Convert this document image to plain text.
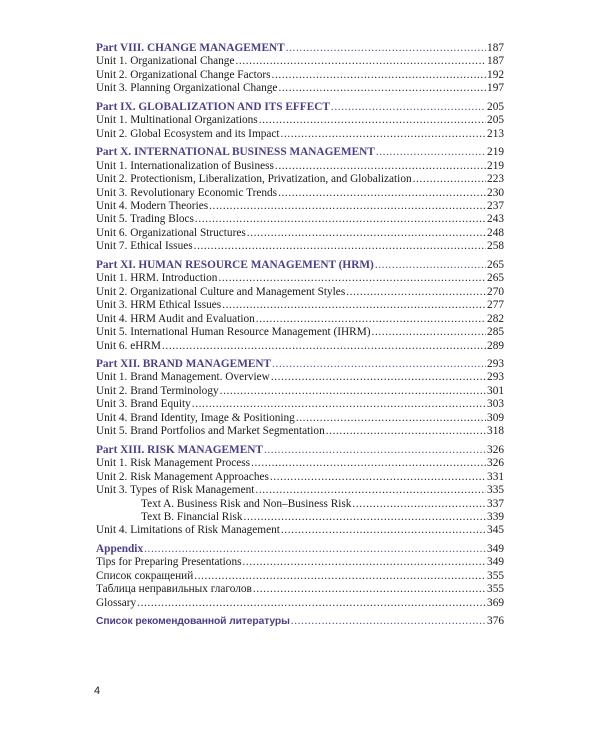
Part VIII. CHANGE MANAGEMENT .....	187
Unit 1. Organizational Change .....	187
Unit 2. Organizational Change Factors .....	192
Unit 3. Planning Organizational Change .....	197
Part IX. GLOBALIZATION AND ITS EFFECT .....	205
Unit 1. Multinational Organizations .....	205
Unit 2. Global Ecosystem and its Impact .....	213
Part X. INTERNATIONAL BUSINESS MANAGEMENT .....	219
Unit 1. Internationalization of Business .....	219
Unit 2. Protectionism, Liberalization, Privatization, and Globalization .....	223
Unit 3. Revolutionary Economic Trends .....	230
Unit 4. Modern Theories .....	237
Unit 5. Trading Blocs .....	243
Unit 6. Organizational Structures .....	248
Unit 7. Ethical Issues .....	258
Part XI. HUMAN RESOURCE MANAGEMENT (HRM) .....	265
Unit 1. HRM. Introduction .....	265
Unit 2. Organizational Culture and Management Styles .....	270
Unit 3. HRM Ethical Issues .....	277
Unit 4. HRM Audit and Evaluation .....	282
Unit 5. International Human Resource Management (IHRM) .....	285
Unit 6. eHRM .....	289
Part XII. BRAND MANAGEMENT .....	293
Unit 1. Brand Management. Overview .....	293
Unit 2. Brand Terminology .....	301
Unit 3. Brand Equity .....	303
Unit 4. Brand Identity, Image & Positioning .....	309
Unit 5. Brand Portfolios and Market Segmentation .....	318
Part XIII. RISK MANAGEMENT .....	326
Unit 1. Risk Management Process .....	326
Unit 2. Risk Management Approaches .....	331
Unit 3. Types of Risk Management .....	335
Text A. Business Risk and Non–Business Risk .....	337
Text B. Financial Risk .....	339
Unit 4. Limitations of Risk Management .....	345
Appendix .....	349
Tips for Preparing Presentations .....	349
Список сокращений .....	355
Таблица неправильных глаголов .....	355
Glossary .....	369
Список рекомендованной литературы .....	376
4
